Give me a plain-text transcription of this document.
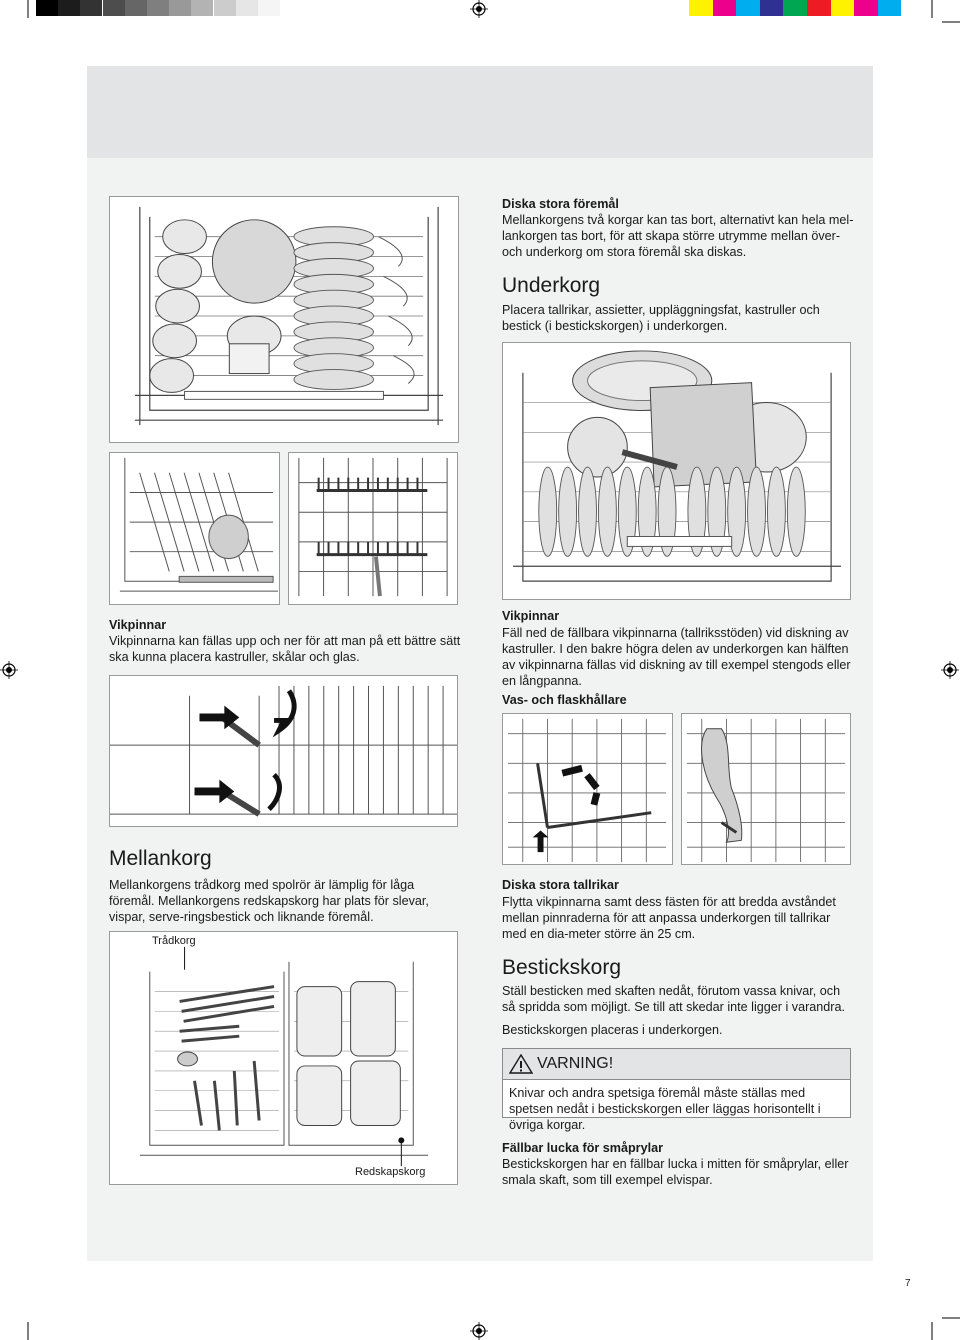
Trådkorg
Redskapskorg
Diska stora föremål
Mellankorgens två korgar kan tas bort, alternativt kan hela mel-lankorgen tas bort, för att skapa större utrymme mellan över- och underkorg om stora föremål ska diskas.
Underkorg
Placera tallrikar, assietter, uppläggningsfat, kastruller och bestick (i bestickskorgen) i underkorgen.
Vikpinnar
Fäll ned de fällbara vikpinnarna (tallriksstöden) vid diskning av kastruller. I den bakre högra delen av underkorgen kan hälften av vikpinnarna fällas vid diskning av till exempel stengods eller en långpanna.
Vas- och flaskhållare
Diska stora tallrikar
Flytta vikpinnarna samt dess fästen för att bredda avståndet mellan pinnraderna för att anpassa underkorgen till tallrikar med en dia-meter större än 25 cm.
Bestickskorg
Ställ besticken med skaften nedåt, förutom vassa knivar, och så spridda som möjligt. Se till att skedar inte ligger i varandra.
Bestickskorgen placeras i underkorgen.
VARNING!
Knivar och andra spetsiga föremål måste ställas med spetsen nedåt i bestickskorgen eller läggas horisontellt i övriga korgar.
Fällbar lucka för småprylar
Bestickskorgen har en fällbar lucka i mitten för småprylar, eller smala skaft, som till exempel elvispar.
Vikpinnar
Vikpinnarna kan fällas upp och ner för att man på ett bättre sätt ska kunna placera kastruller, skålar och glas.
Mellankorg
Mellankorgens trådkorg med spolrör är lämplig för låga föremål. Mellankorgens redskapskorg har plats för slevar, vispar, serve-ringsbestick och liknande föremål.
7
